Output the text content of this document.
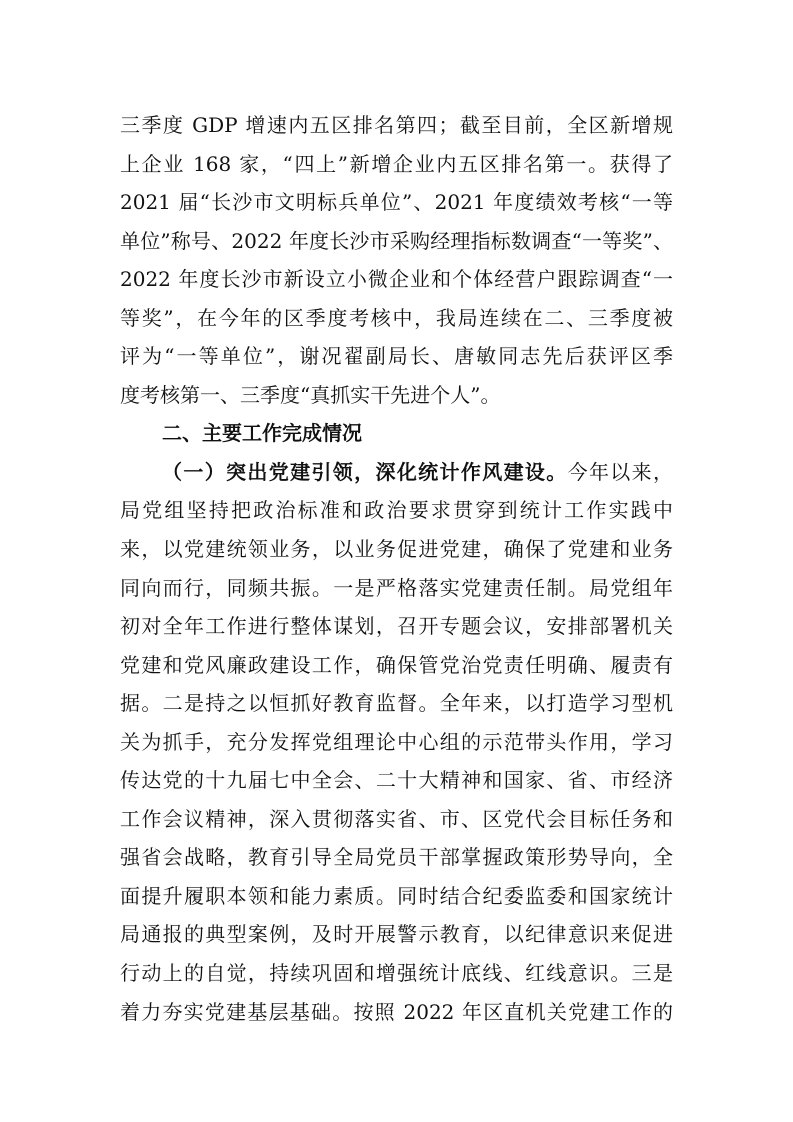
三季度 GDP 增速内五区排名第四；截至目前，全区新增规
上企业 168 家，“四上”新增企业内五区排名第一。获得了
2021 届“长沙市文明标兵单位”、2021 年度绩效考核“一等
单位”称号、2022 年度长沙市采购经理指标数调查“一等奖”、
2022 年度长沙市新设立小微企业和个体经营户跟踪调查“一
等奖”，在今年的区季度考核中，我局连续在二、三季度被
评为“一等单位”，谢况翟副局长、唐敏同志先后获评区季
度考核第一、三季度“真抓实干先进个人”。
二、主要工作完成情况
（一）突出党建引领，深化统计作风建设。今年以来，
局党组坚持把政治标准和政治要求贯穿到统计工作实践中
来，以党建统领业务，以业务促进党建，确保了党建和业务
同向而行，同频共振。一是严格落实党建责任制。局党组年
初对全年工作进行整体谋划，召开专题会议，安排部署机关
党建和党风廉政建设工作，确保管党治党责任明确、履责有
据。二是持之以恒抓好教育监督。全年来，以打造学习型机
关为抓手，充分发挥党组理论中心组的示范带头作用，学习
传达党的十九届七中全会、二十大精神和国家、省、市经济
工作会议精神，深入贯彻落实省、市、区党代会目标任务和
强省会战略，教育引导全局党员干部掌握政策形势导向，全
面提升履职本领和能力素质。同时结合纪委监委和国家统计
局通报的典型案例，及时开展警示教育，以纪律意识来促进
行动上的自觉，持续巩固和增强统计底线、红线意识。三是
着力夯实党建基层基础。按照 2022 年区直机关党建工作的
